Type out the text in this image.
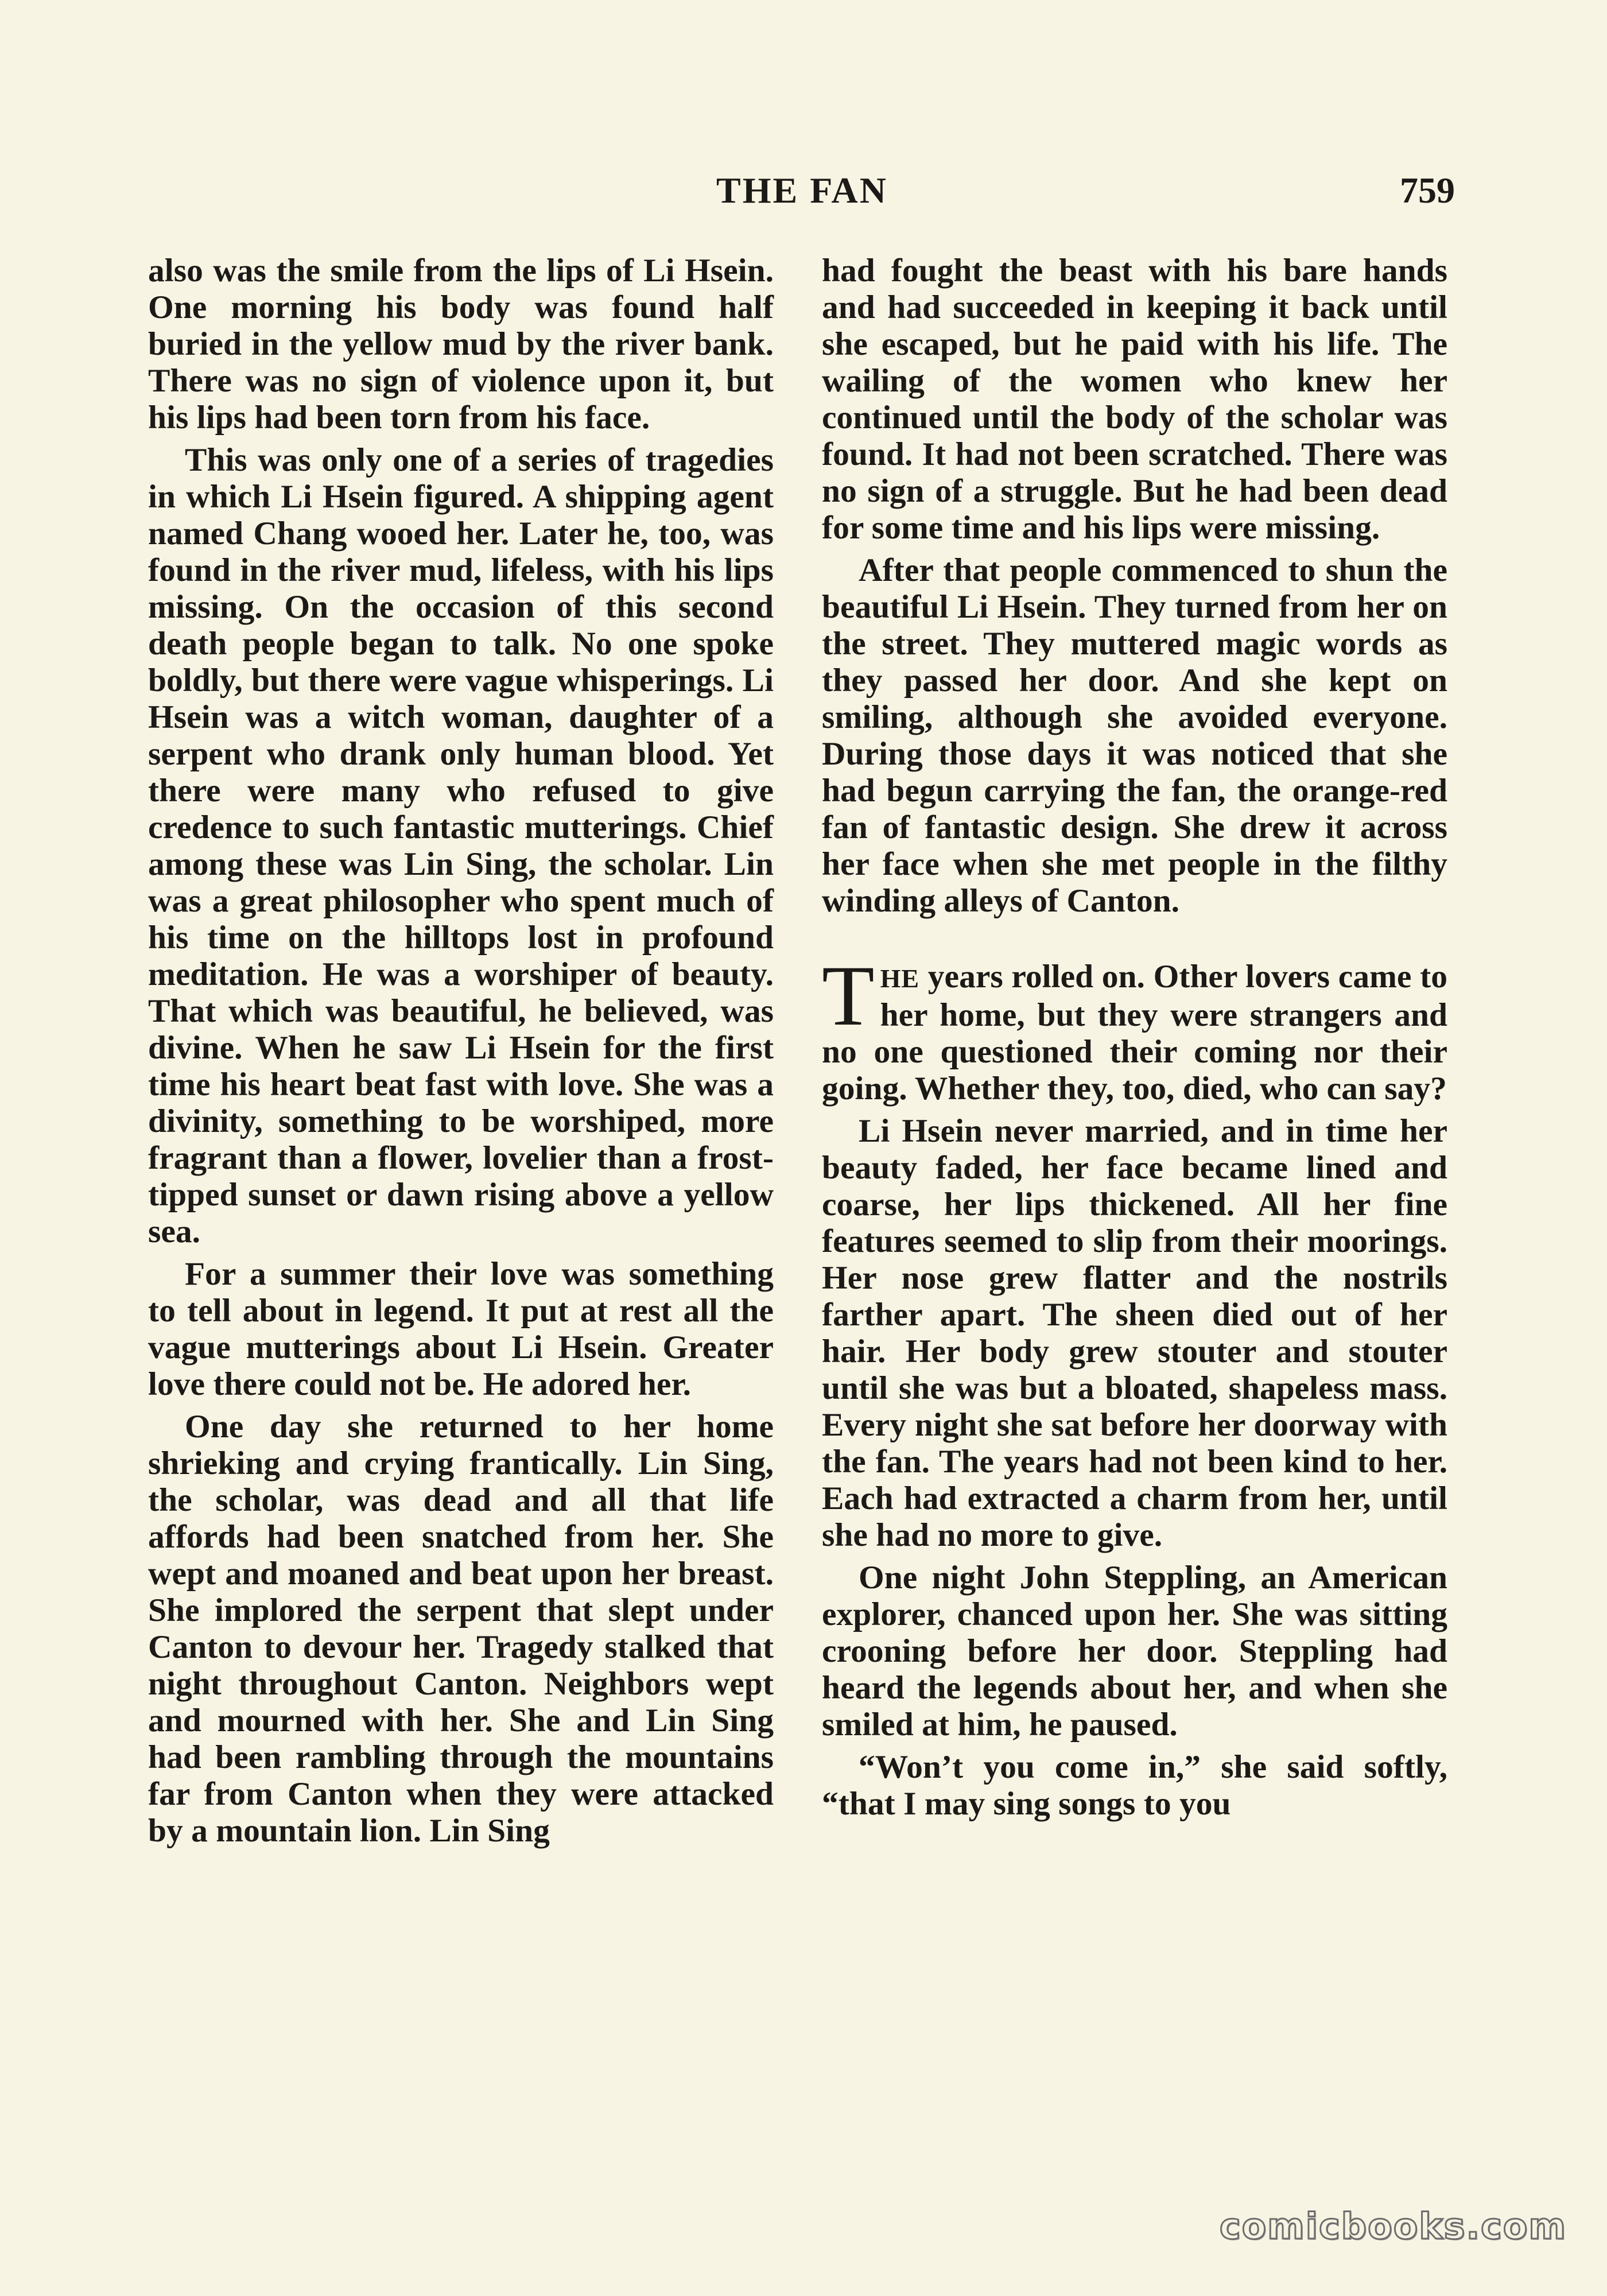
THE FAN	759

also was the smile from the lips of Li Hsein. One morning his body was found half buried in the yellow mud by the river bank. There was no sign of violence upon it, but his lips had been torn from his face.

This was only one of a series of tragedies in which Li Hsein figured. A shipping agent named Chang wooed her. Later he, too, was found in the river mud, lifeless, with his lips missing. On the occasion of this second death people began to talk. No one spoke boldly, but there were vague whisperings. Li Hsein was a witch woman, daughter of a serpent who drank only human blood. Yet there were many who refused to give credence to such fantastic mutterings. Chief among these was Lin Sing, the scholar. Lin was a great philosopher who spent much of his time on the hilltops lost in profound meditation. He was a worshiper of beauty. That which was beautiful, he believed, was divine. When he saw Li Hsein for the first time his heart beat fast with love. She was a divinity, something to be worshiped, more fragrant than a flower, lovelier than a frost-tipped sunset or dawn rising above a yellow sea.

For a summer their love was something to tell about in legend. It put at rest all the vague mutterings about Li Hsein. Greater love there could not be. He adored her.

One day she returned to her home shrieking and crying frantically. Lin Sing, the scholar, was dead and all that life affords had been snatched from her. She wept and moaned and beat upon her breast. She implored the serpent that slept under Canton to devour her. Tragedy stalked that night throughout Canton. Neighbors wept and mourned with her. She and Lin Sing had been rambling through the mountains far from Canton when they were attacked by a mountain lion. Lin Sing

had fought the beast with his bare hands and had succeeded in keeping it back until she escaped, but he paid with his life. The wailing of the women who knew her continued until the body of the scholar was found. It had not been scratched. There was no sign of a struggle. But he had been dead for some time and his lips were missing.

After that people commenced to shun the beautiful Li Hsein. They turned from her on the street. They muttered magic words as they passed her door. And she kept on smiling, although she avoided everyone. During those days it was noticed that she had begun carrying the fan, the orange-red fan of fantastic design. She drew it across her face when she met people in the filthy winding alleys of Canton.

THE years rolled on. Other lovers came to her home, but they were strangers and no one questioned their coming nor their going. Whether they, too, died, who can say?

Li Hsein never married, and in time her beauty faded, her face became lined and coarse, her lips thickened. All her fine features seemed to slip from their moorings. Her nose grew flatter and the nostrils farther apart. The sheen died out of her hair. Her body grew stouter and stouter until she was but a bloated, shapeless mass. Every night she sat before her doorway with the fan. The years had not been kind to her. Each had extracted a charm from her, until she had no more to give.

One night John Steppling, an American explorer, chanced upon her. She was sitting crooning before her door. Steppling had heard the legends about her, and when she smiled at him, he paused.

“Won’t you come in,” she said softly, “that I may sing songs to you

comicbooks.com
